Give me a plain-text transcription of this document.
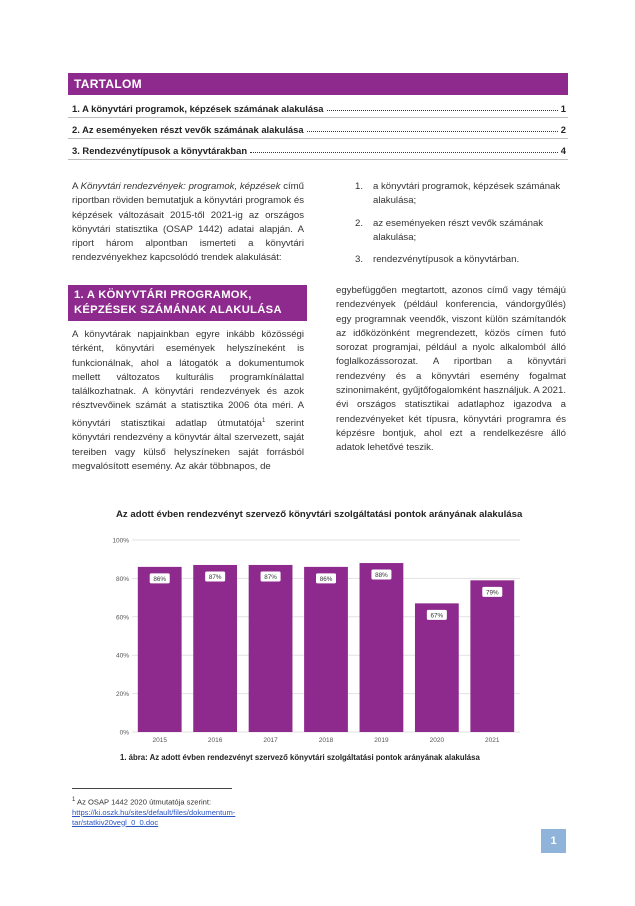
TARTALOM
1. A könyvtári programok, képzések számának alakulása	1
2. Az eseményeken részt vevők számának alakulása	2
3. Rendezvénytípusok a könyvtárakban	4
A Könyvtári rendezvények: programok, képzések című riportban röviden bemutatjuk a könyvtári programok és képzések változásait 2015-től 2021-ig az országos könyvtári statisztika (OSAP 1442) adatai alapján. A riport három alpontban ismerteti a könyvtári rendezvényekhez kapcsolódó trendek alakulását:
1. a könyvtári programok, képzések számának alakulása;
2. az eseményeken részt vevők számának alakulása;
3. rendezvénytípusok a könyvtárban.
1. A KÖNYVTÁRI PROGRAMOK, KÉPZÉSEK SZÁMÁNAK ALAKULÁSA
A könyvtárak napjainkban egyre inkább közösségi térként, könyvtári események helyszíneként is funkcionálnak, ahol a látogatók a dokumentumok mellett változatos kulturális programkínálattal találkozhatnak. A könyvtári rendezvények és azok résztvevőinek számát a statisztika 2006 óta méri. A könyvtári statisztikai adatlap útmutatója$^1$ szerint könyvtári rendezvény a könyvtár által szervezett, saját tereiben vagy külső helyszíneken saját forrásból megvalósított esemény. Az akár többnapos, de
egybefüggően megtartott, azonos című vagy témájú rendezvények (például konferencia, vándorgyűlés) egy programnak veendők, viszont külön számítandók az időközönként megrendezett, közös címen futó sorozat programjai, például a nyolc alkalomból álló foglalkozássorozat. A riportban a könyvtári rendezvény és a könyvtári esemény fogalmat szinonimaként, gyűjtőfogalomként használjuk. A 2021. évi országos statisztikai adatlaphoz igazodva a rendezvényeket két típusra, könyvtári programra és képzésre bontjuk, ahol ezt a rendelkezésre álló adatok lehetővé teszik.
Az adott évben rendezvényt szervező könyvtári szolgáltatási pontok arányának alakulása
0%
20%
40%
60%
80%
100%
86%
2015
87%
2016
87%
2017
86%
2018
88%
2019
67%
2020
79%
2021
1. ábra: Az adott évben rendezvényt szervező könyvtári szolgáltatási pontok arányának alakulása
$^1$ Az OSAP 1442 2020 útmutatója szerint:
https://ki.oszk.hu/sites/default/files/dokumentum-
tar/statkiv20vegl_0_0.doc
1
